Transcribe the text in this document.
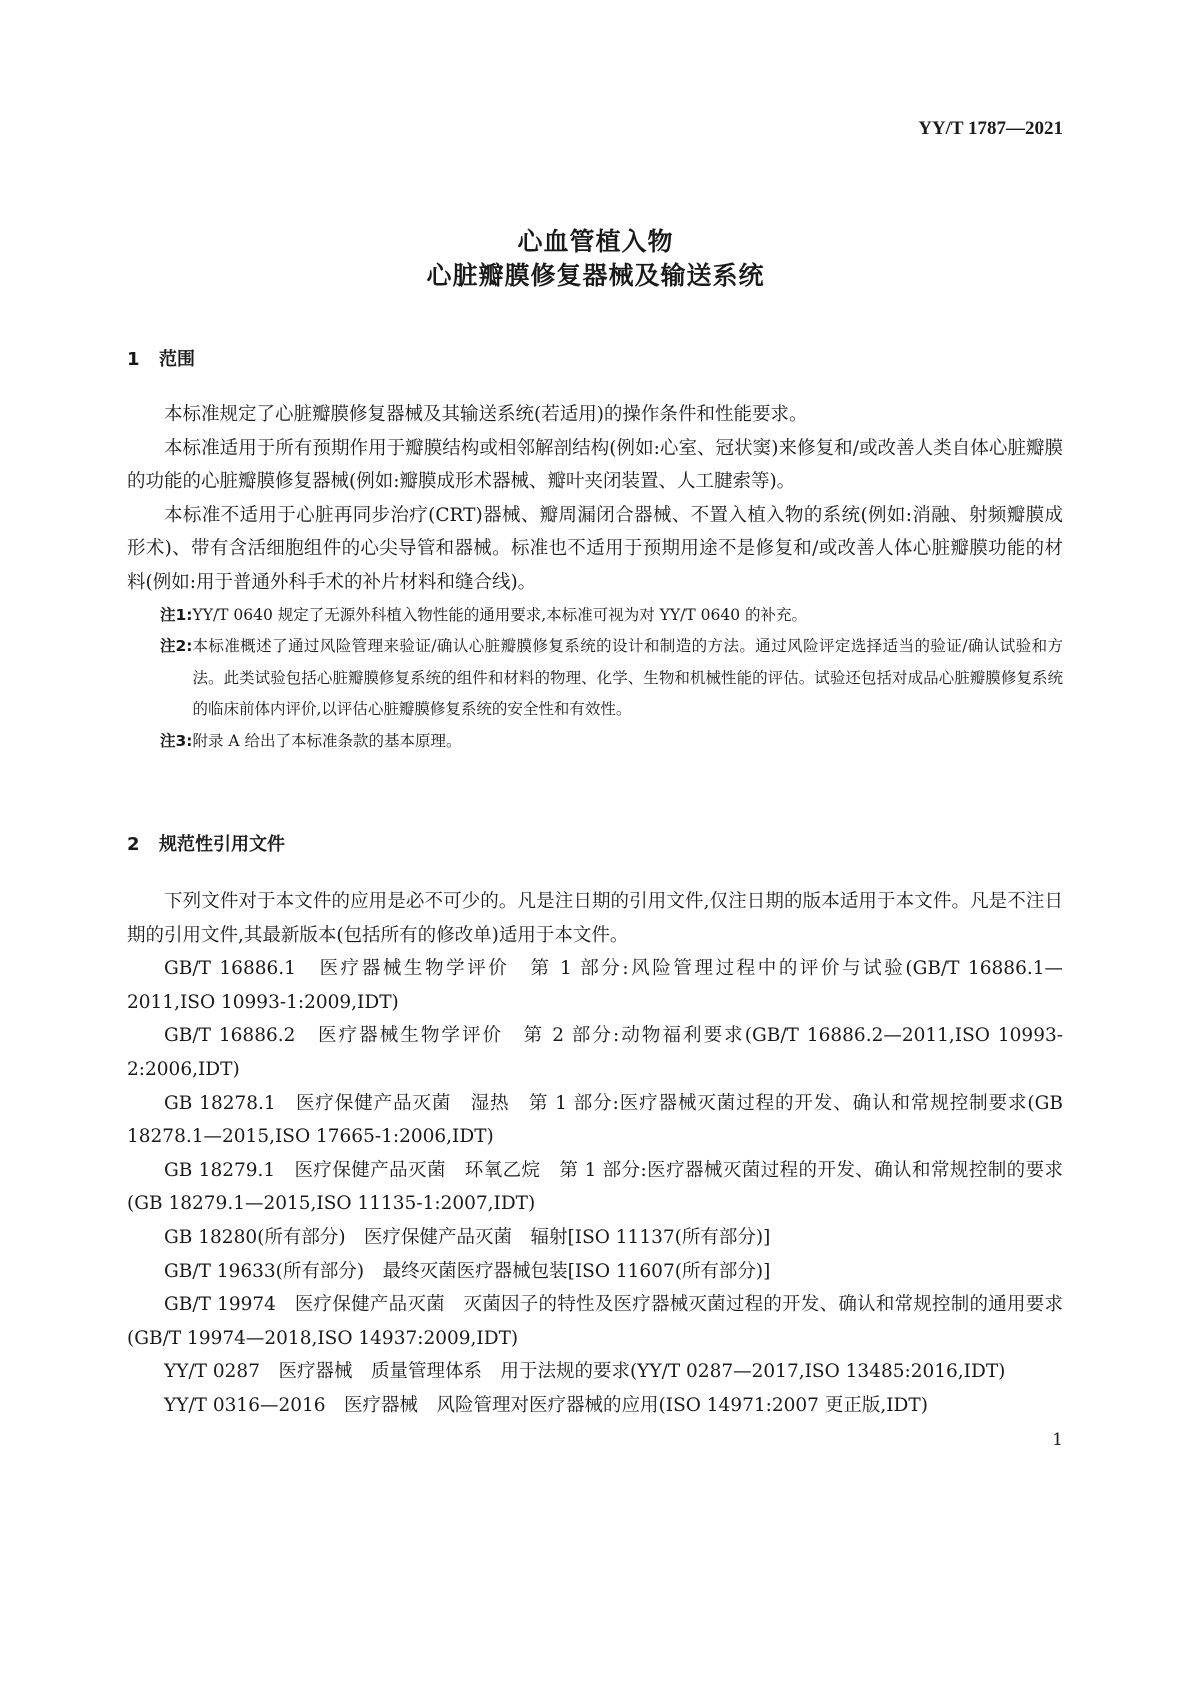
YY/T 1787—2021
心血管植入物
心脏瓣膜修复器械及输送系统
1 范围

本标准规定了心脏瓣膜修复器械及其输送系统(若适用)的操作条件和性能要求。

本标准适用于所有预期作用于瓣膜结构或相邻解剖结构(例如:心室、冠状窦)来修复和/或改善人类自体心脏瓣膜的功能的心脏瓣膜修复器械(例如:瓣膜成形术器械、瓣叶夹闭装置、人工腱索等)。

本标准不适用于心脏再同步治疗(CRT)器械、瓣周漏闭合器械、不置入植入物的系统(例如:消融、射频瓣膜成形术)、带有含活细胞组件的心尖导管和器械。标准也不适用于预期用途不是修复和/或改善人体心脏瓣膜功能的材料(例如:用于普通外科手术的补片材料和缝合线)。

注1: YY/T 0640 规定了无源外科植入物性能的通用要求,本标准可视为对 YY/T 0640 的补充。
注2: 本标准概述了通过风险管理来验证/确认心脏瓣膜修复系统的设计和制造的方法。通过风险评定选择适当的验证/确认试验和方法。此类试验包括心脏瓣膜修复系统的组件和材料的物理、化学、生物和机械性能的评估。试验还包括对成品心脏瓣膜修复系统的临床前体内评价,以评估心脏瓣膜修复系统的安全性和有效性。
注3: 附录 A 给出了本标准条款的基本原理。
2 规范性引用文件

下列文件对于本文件的应用是必不可少的。凡是注日期的引用文件,仅注日期的版本适用于本文件。凡是不注日期的引用文件,其最新版本(包括所有的修改单)适用于本文件。

GB/T 16886.1　医疗器械生物学评价　第 1 部分:风险管理过程中的评价与试验(GB/T 16886.1—2011,ISO 10993-1:2009,IDT)

GB/T 16886.2　医疗器械生物学评价　第 2 部分:动物福利要求(GB/T 16886.2—2011,ISO 10993-2:2006,IDT)

GB 18278.1　医疗保健产品灭菌　湿热　第 1 部分:医疗器械灭菌过程的开发、确认和常规控制要求(GB 18278.1—2015,ISO 17665-1:2006,IDT)

GB 18279.1　医疗保健产品灭菌　环氧乙烷　第 1 部分:医疗器械灭菌过程的开发、确认和常规控制的要求(GB 18279.1—2015,ISO 11135-1:2007,IDT)

GB 18280(所有部分)　医疗保健产品灭菌　辐射[ISO 11137(所有部分)]

GB/T 19633(所有部分)　最终灭菌医疗器械包装[ISO 11607(所有部分)]

GB/T 19974　医疗保健产品灭菌　灭菌因子的特性及医疗器械灭菌过程的开发、确认和常规控制的通用要求(GB/T 19974—2018,ISO 14937:2009,IDT)

YY/T 0287　医疗器械　质量管理体系　用于法规的要求(YY/T 0287—2017,ISO 13485:2016,IDT)

YY/T 0316—2016　医疗器械　风险管理对医疗器械的应用(ISO 14971:2007 更正版,IDT)

1
